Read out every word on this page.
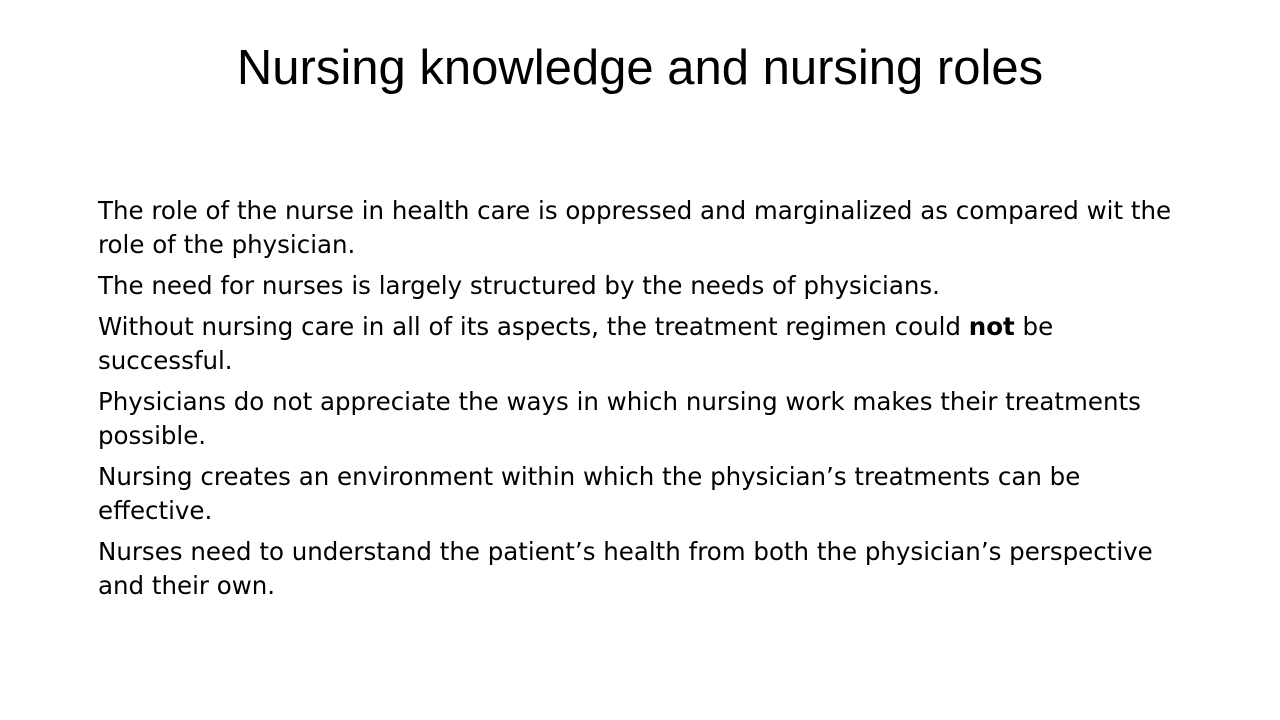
Nursing knowledge and nursing roles
The role of the nurse in health care is oppressed and marginalized as compared wit the role of the physician.
The need for nurses is largely structured by the needs of physicians.
Without nursing care in all of its aspects, the treatment regimen could not be successful.
Physicians do not appreciate the ways in which nursing work makes their treatments possible.
Nursing creates an environment within which the physician’s treatments can be effective.
Nurses need to understand the patient’s health from both the physician’s perspective and their own.
